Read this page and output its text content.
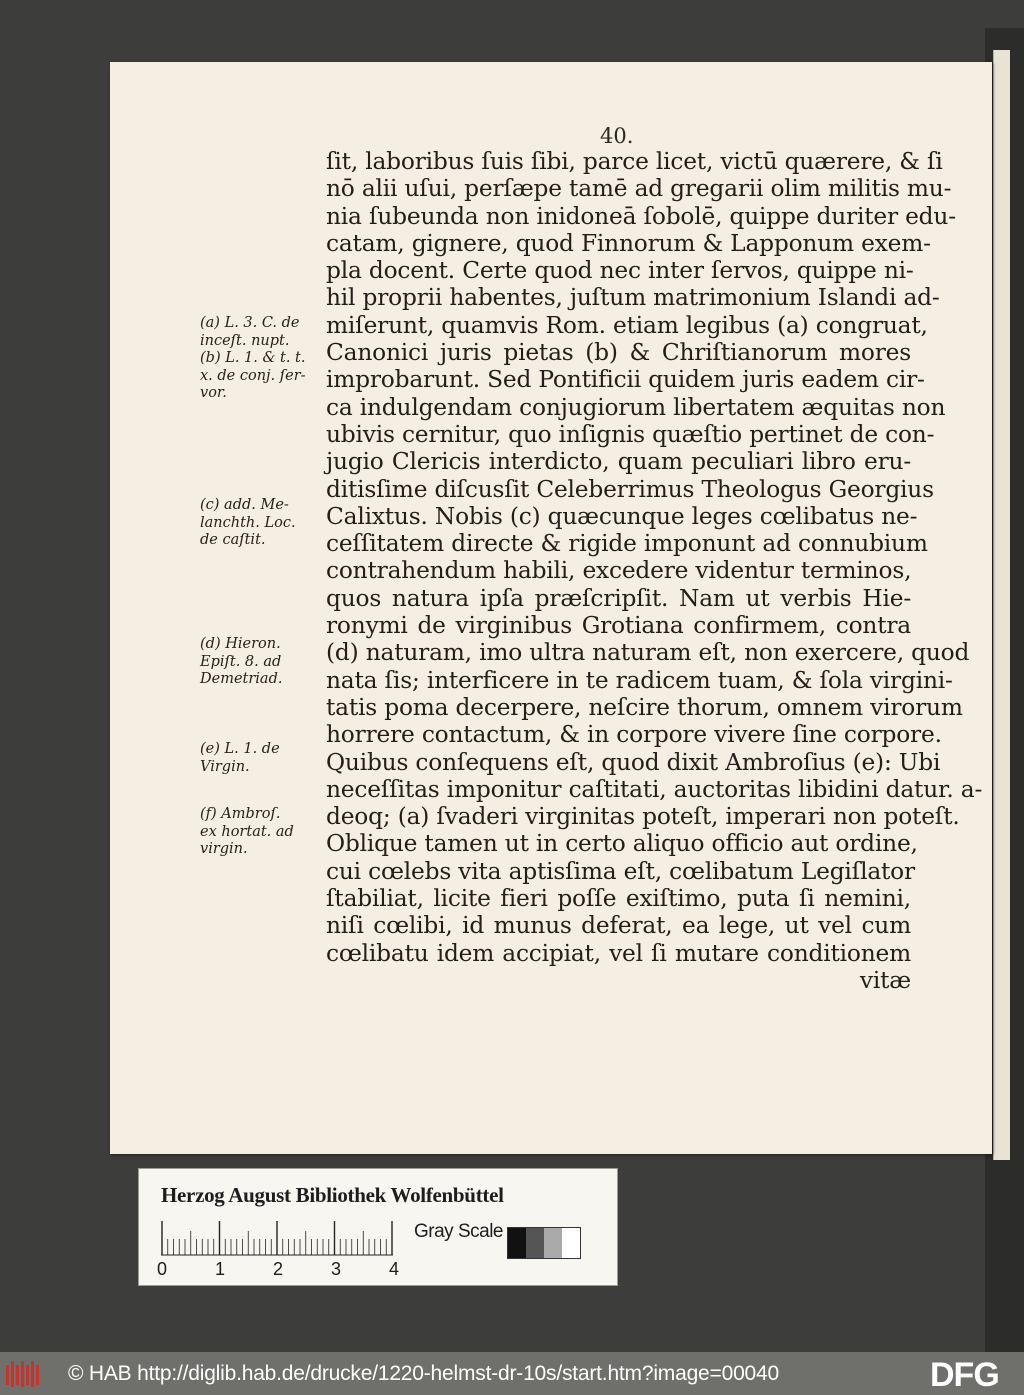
40.
ſit, laboribus ſuis ſibi, parce licet, victū quærere, & ſi
nō alii uſui, perſæpe tamē ad gregarii olim militis mu-
nia ſubeunda non inidoneā ſobolē, quippe duriter edu-
catam, gignere, quod Finnorum & Lapponum exem-
pla docent. Certe quod nec inter ſervos, quippe ni-
hil proprii habentes, juſtum matrimonium Islandi ad-
miſerunt, quamvis Rom. etiam legibus (a) congruat,
Canonici juris pietas (b) & Chriſtianorum mores
improbarunt. Sed Pontificii quidem juris eadem cir-
ca indulgendam conjugiorum libertatem æquitas non
ubivis cernitur, quo inſignis quæſtio pertinet de con-
jugio Clericis interdicto, quam peculiari libro eru-
ditisſime diſcusſit Celeberrimus Theologus Georgius
Calixtus. Nobis (c) quæcunque leges cœlibatus ne-
ceſſitatem directe & rigide imponunt ad connubium
contrahendum habili, excedere videntur terminos,
quos natura ipſa præſcripſit. Nam ut verbis Hie-
ronymi de virginibus Grotiana confirmem, contra
(d) naturam, imo ultra naturam eſt, non exercere, quod
nata ſis; interficere in te radicem tuam, & ſola virgini-
tatis poma decerpere, neſcire thorum, omnem virorum
horrere contactum, & in corpore vivere ſine corpore.
Quibus conſequens eſt, quod dixit Ambroſius (e): Ubi
neceſſitas imponitur caſtitati, auctoritas libidini datur. a-
deoq; (a) ſvaderi virginitas poteſt, imperari non poteſt.
Oblique tamen ut in certo aliquo officio aut ordine,
cui cœlebs vita aptisſima eſt, cœlibatum Legiſlator
ſtabiliat, licite fieri poſſe exiſtimo, puta ſi nemini,
niſi cœlibi, id munus deferat, ea lege, ut vel cum
cœlibatu idem accipiat, vel ſi mutare conditionem
vitæ
(a) L. 3. C. de
inceſt. nupt.
(b) L. 1. & t. t.
x. de conj. ſer-
vor.
(c) add. Me-
lanchth. Loc.
de caſtit.
(d) Hieron.
Epiſt. 8. ad
Demetriad.
(e) L. 1. de
Virgin.
(f) Ambroſ.
ex hortat. ad
virgin.
Herzog August Bibliothek Wolfenbüttel
Gray Scale
0	1	2	3	4
© HAB http://diglib.hab.de/drucke/1220-helmst-dr-10s/start.htm?image=00040	DFG
